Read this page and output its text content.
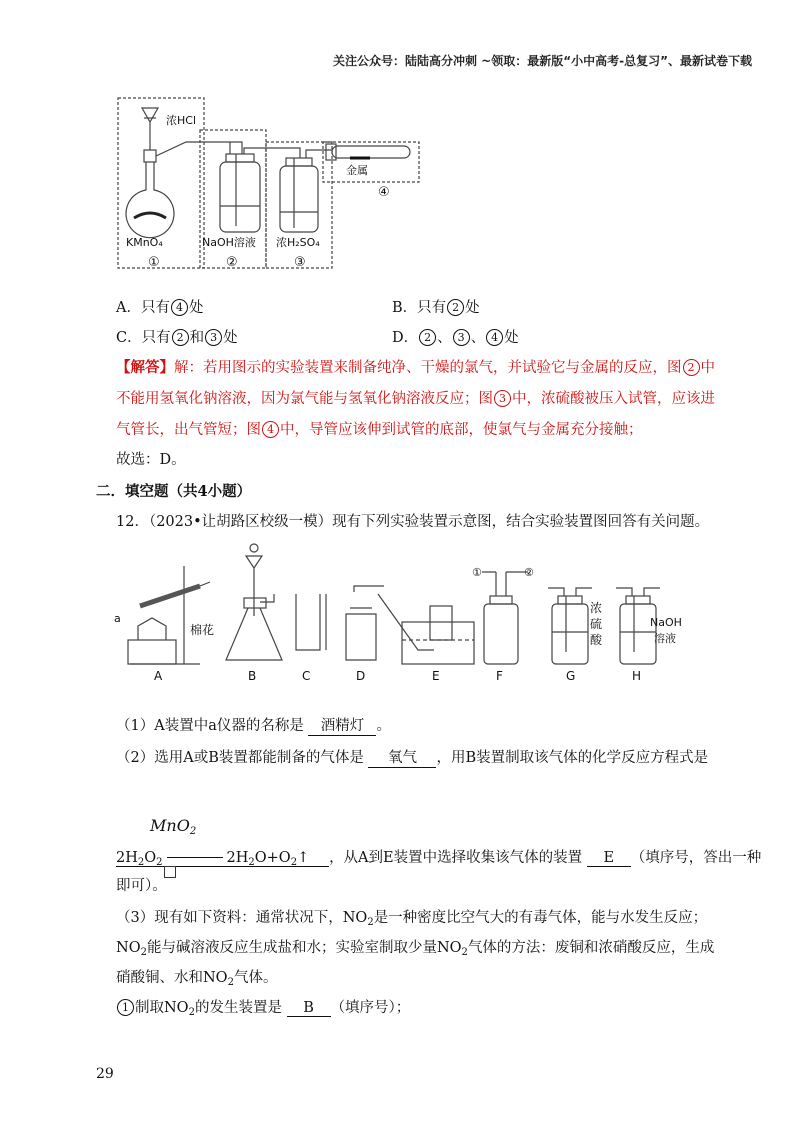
关注公众号：陆陆高分冲刺 ~领取：最新版“小中高考-总复习”、最新试卷下载
浓HCl
KMnO₄	NaOH溶液 浓H₂SO₄
金属
①	②	③
④
A．只有 4 处	B．只有 2 处
C．只有 2 和 3 处	D． 2 、 3 、 4 处
【解答】解：若用图示的实验装置来制备纯净、干燥的氯气，并试验它与金属的反应，图 2 中
不能用氢氧化钠溶液，因为氯气能与氢氧化钠溶液反应；图 3 中，浓硫酸被压入试管，应该进
气管长，出气管短；图 4 中，导管应该伸到试管的底部，使氯气与金属充分接触；
故选：D。
二．填空题（共4小题）
12．（2023•让胡路区校级一模）现有下列实验装置示意图，结合实验装置图回答有关问题。
a
棉花
①	②
浓
硫
酸
NaOH
溶液
A	B	C	D	E	F	G	H
（1）A装置中a仪器的名称是 酒精灯 。
（2）选用A或B装置都能制备的气体是 氧气 ，用B装置制取该气体的化学反应方程式是
MnO$_2$
$2H_2O_2$	$2H_2O+O_2↑$   ，从A到E装置中选择收集该气体的装置 E （填序号，答出一种
即可）。
（3）现有如下资料：通常状况下，$NO_2$是一种密度比空气大的有毒气体，能与水发生反应；
$NO_2$能与碱溶液反应生成盐和水；实验室制取少量$NO_2$气体的方法：废铜和浓硝酸反应，生成
硝酸铜、水和$NO_2$气体。
1 制取$NO_2$的发生装置是 B （填序号）；
29
